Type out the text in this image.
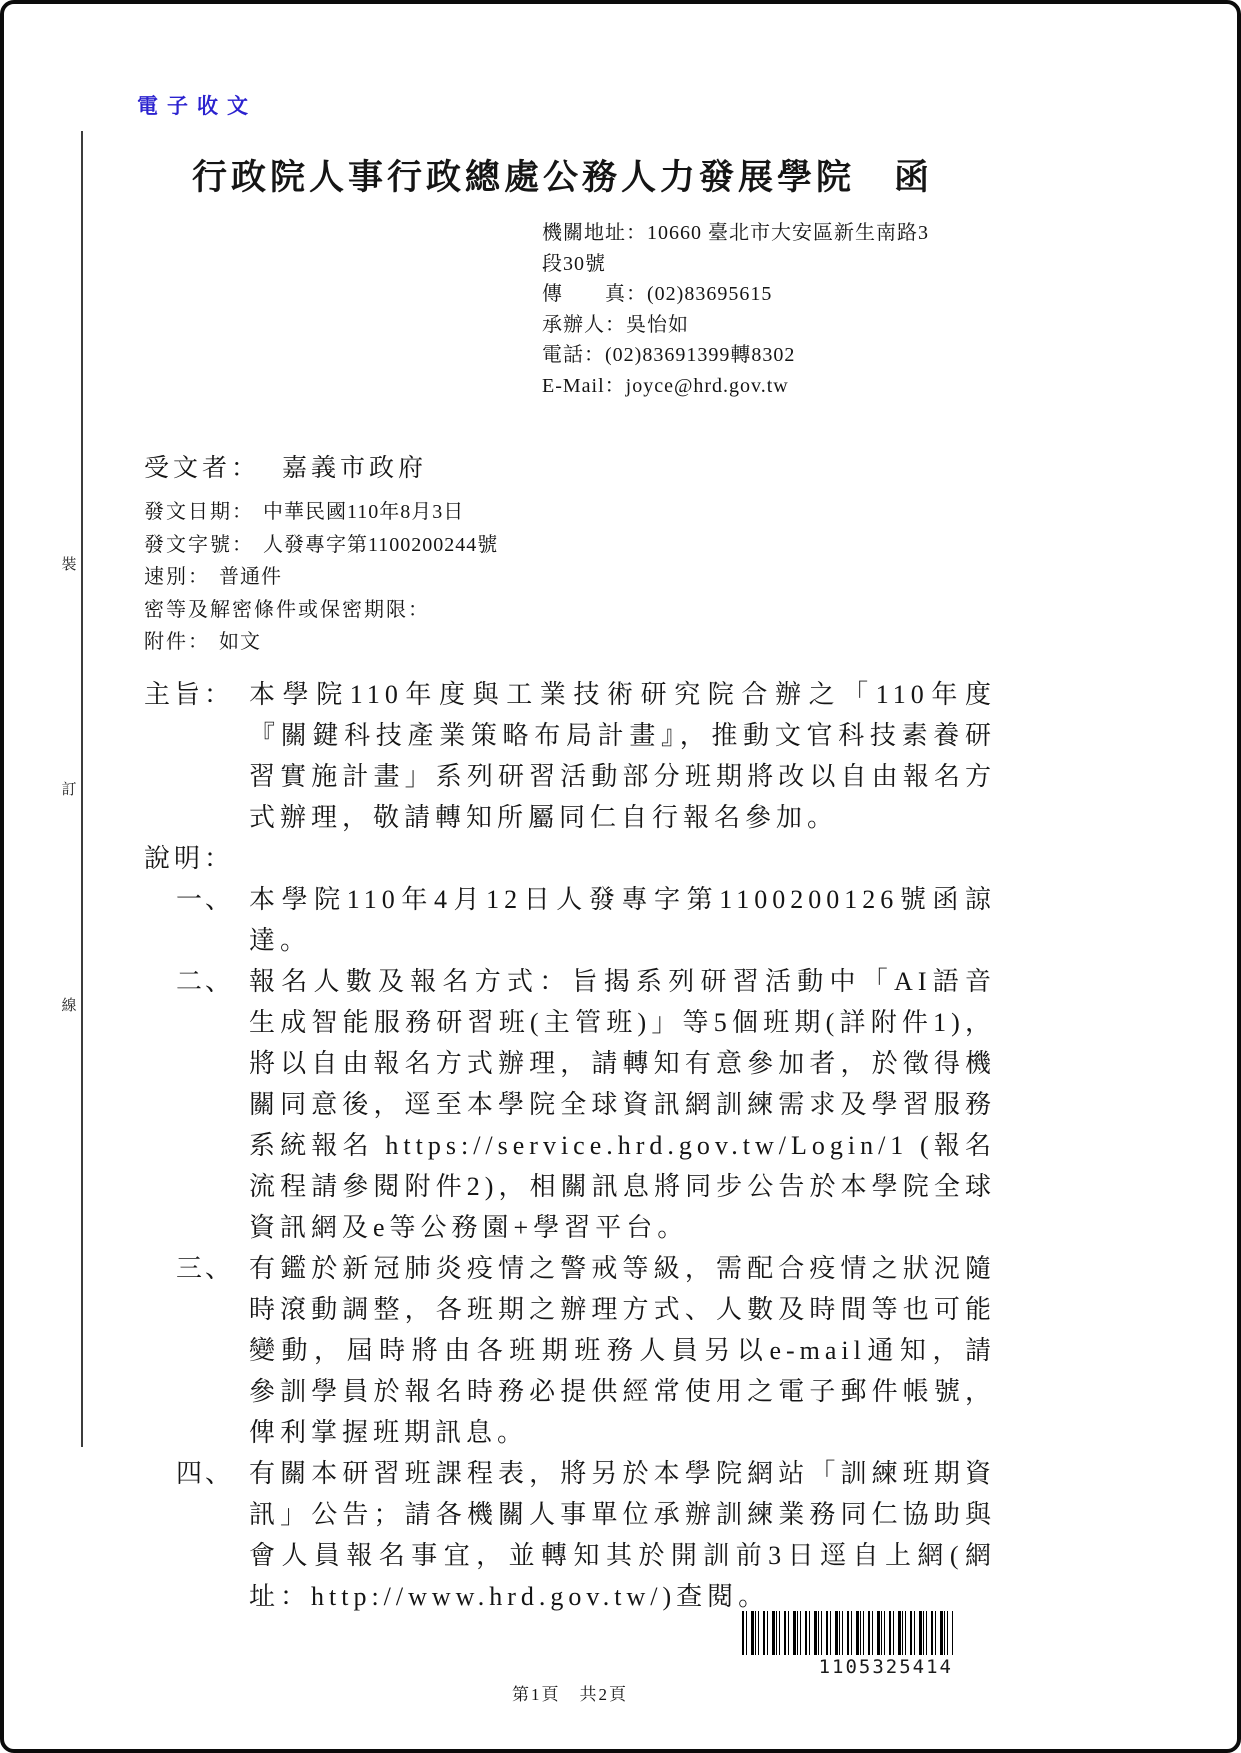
電子收文
裝
訂
線
行政院人事行政總處公務人力發展學院　函
機關地址：10660 臺北市大安區新生南路3段30號
傳　　真：(02)83695615
承辦人：吳怡如
電話：(02)83691399轉8302
E-Mail：joyce@hrd.gov.tw
受文者： 嘉義市政府
發文日期： 中華民國110年8月3日
發文字號： 人發專字第1100200244號
速別： 普通件
密等及解密條件或保密期限：
附件： 如文
主旨： 本學院110年度與工業技術研究院合辦之「110年度『關鍵科技產業策略布局計畫』，推動文官科技素養研習實施計畫」系列研習活動部分班期將改以自由報名方式辦理，敬請轉知所屬同仁自行報名參加。
說明：
一、 本學院110年4月12日人發專字第1100200126號函諒達。
二、 報名人數及報名方式：旨揭系列研習活動中「AI語音生成智能服務研習班(主管班)」等5個班期(詳附件1)，將以自由報名方式辦理，請轉知有意參加者，於徵得機關同意後，逕至本學院全球資訊網訓練需求及學習服務系統報名 https://service.hrd.gov.tw/Login/1 (報名流程請參閱附件2)，相關訊息將同步公告於本學院全球資訊網及e等公務園+學習平台。
三、 有鑑於新冠肺炎疫情之警戒等級，需配合疫情之狀況隨時滾動調整，各班期之辦理方式、人數及時間等也可能變動，屆時將由各班期班務人員另以e-mail通知，請參訓學員於報名時務必提供經常使用之電子郵件帳號，俾利掌握班期訊息。
四、 有關本研習班課程表，將另於本學院網站「訓練班期資訊」公告；請各機關人事單位承辦訓練業務同仁協助與會人員報名事宜，並轉知其於開訓前3日逕自上網(網址：http://www.hrd.gov.tw/)查閱。
1105325414
第1頁　共2頁
